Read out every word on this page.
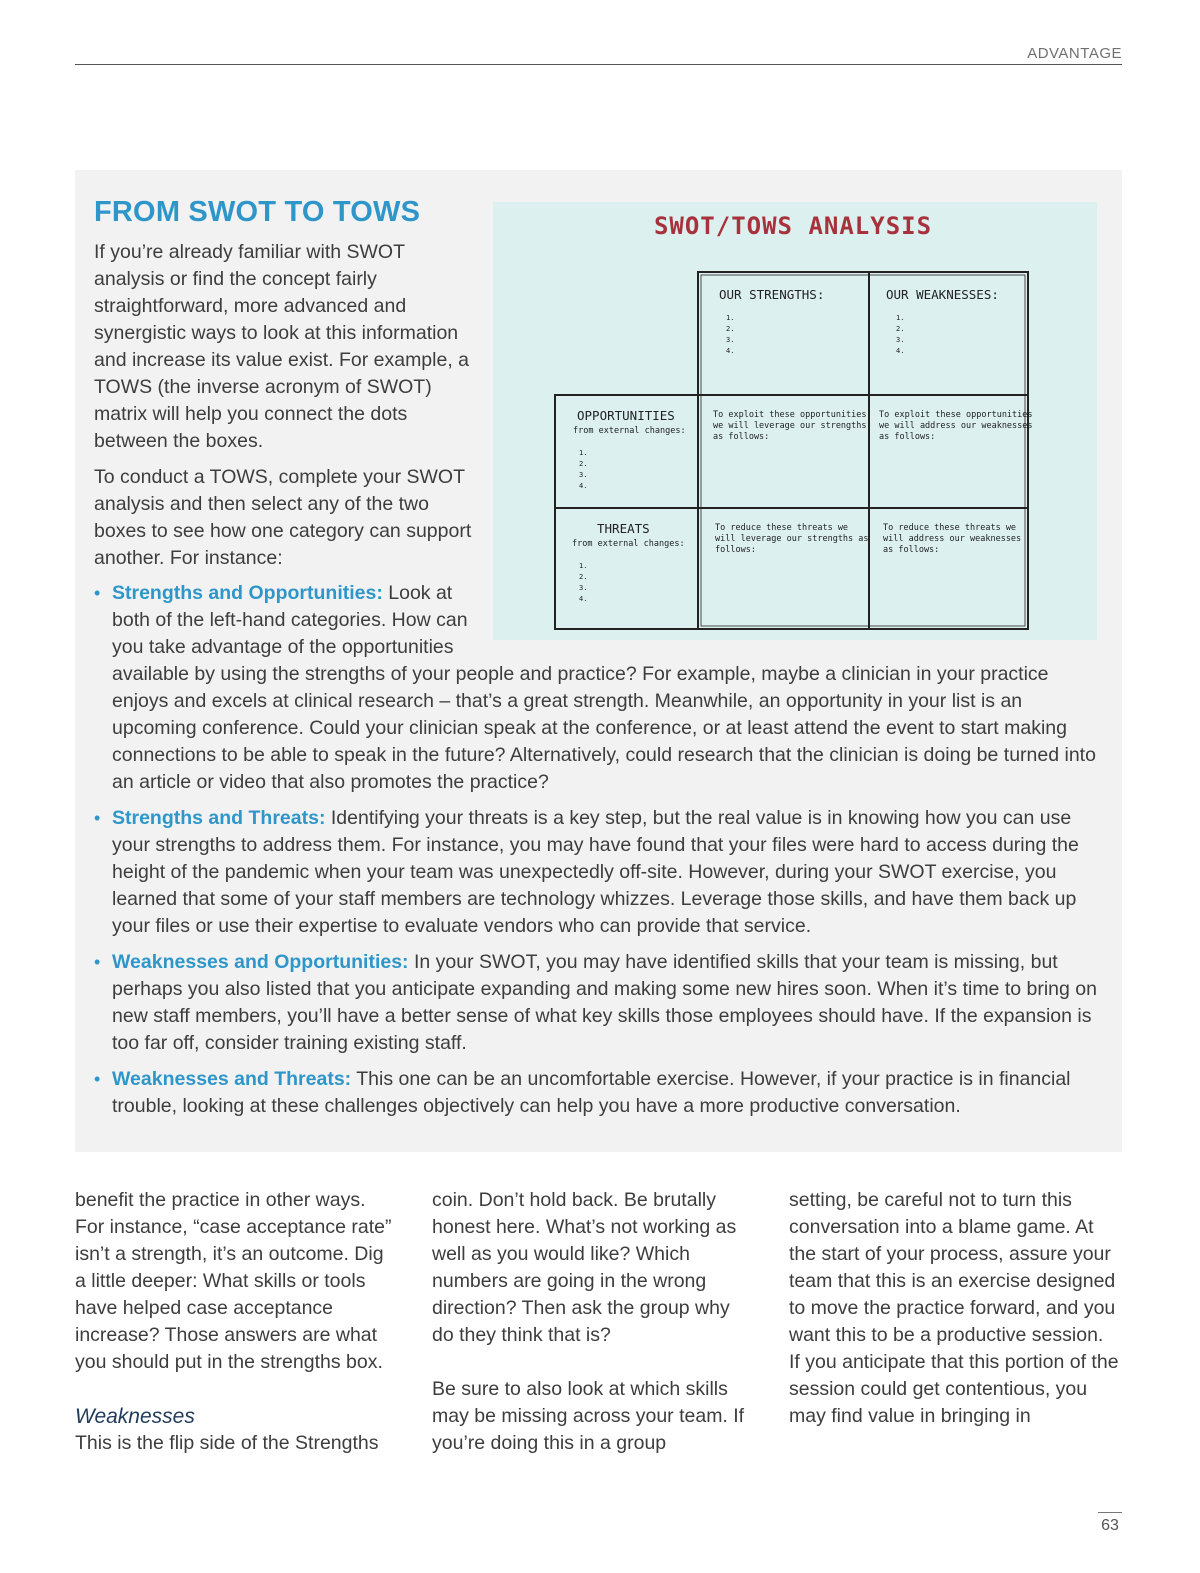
ADVANTAGE
FROM SWOT TO TOWS

If you’re already familiar with SWOT analysis or find the concept fairly straightforward, more advanced and synergistic ways to look at this information and increase its value exist. For example, a TOWS (the inverse acronym of SWOT) matrix will help you connect the dots between the boxes.

To conduct a TOWS, complete your SWOT analysis and then select any of the two boxes to see how one category can support another. For instance:

SWOT/TOWS ANALYSIS
OUR STRENGTHS:	OUR WEAKNESSES:
1.
2.
3.
4.
1.
2.
3.
4.
OPPORTUNITIES
from external changes:
1.
2.
3.
4.
THREATS
from external changes:
1.
2.
3.
4.
To exploit these opportunities
we will leverage our strengths
as follows:
To exploit these opportunities
we will address our weaknesses
as follows:
To reduce these threats we
will leverage our strengths as
follows:
To reduce these threats we
will address our weaknesses
as follows:
• Strengths and Opportunities: Look at both of the left-hand categories. How can you take advantage of the opportunities
available by using the strengths of your people and practice? For example, maybe a clinician in your practice enjoys and excels at clinical research – that’s a great strength. Meanwhile, an opportunity in your list is an upcoming conference. Could your clinician speak at the conference, or at least attend the event to start making connections to be able to speak in the future? Alternatively, could research that the clinician is doing be turned into an article or video that also promotes the practice?
• Strengths and Threats: Identifying your threats is a key step, but the real value is in knowing how you can use your strengths to address them. For instance, you may have found that your files were hard to access during the height of the pandemic when your team was unexpectedly off-site. However, during your SWOT exercise, you learned that some of your staff members are technology whizzes. Leverage those skills, and have them back up your files or use their expertise to evaluate vendors who can provide that service.
• Weaknesses and Opportunities: In your SWOT, you may have identified skills that your team is missing, but perhaps you also listed that you anticipate expanding and making some new hires soon. When it’s time to bring on new staff members, you’ll have a better sense of what key skills those employees should have. If the expansion is too far off, consider training existing staff.
• Weaknesses and Threats: This one can be an uncomfortable exercise. However, if your practice is in financial trouble, looking at these challenges objectively can help you have a more productive conversation.

benefit the practice in other ways. For instance, “case acceptance rate” isn’t a strength, it’s an outcome. Dig a little deeper: What skills or tools have helped case acceptance increase? Those answers are what you should put in the strengths box.

Weaknesses

This is the flip side of the Strengths

coin. Don’t hold back. Be brutally honest here. What’s not working as well as you would like? Which numbers are going in the wrong direction? Then ask the group why do they think that is?

Be sure to also look at which skills may be missing across your team. If you’re doing this in a group

setting, be careful not to turn this conversation into a blame game. At the start of your process, assure your team that this is an exercise designed to move the practice forward, and you want this to be a productive session. If you anticipate that this portion of the session could get contentious, you may find value in bringing in

63
